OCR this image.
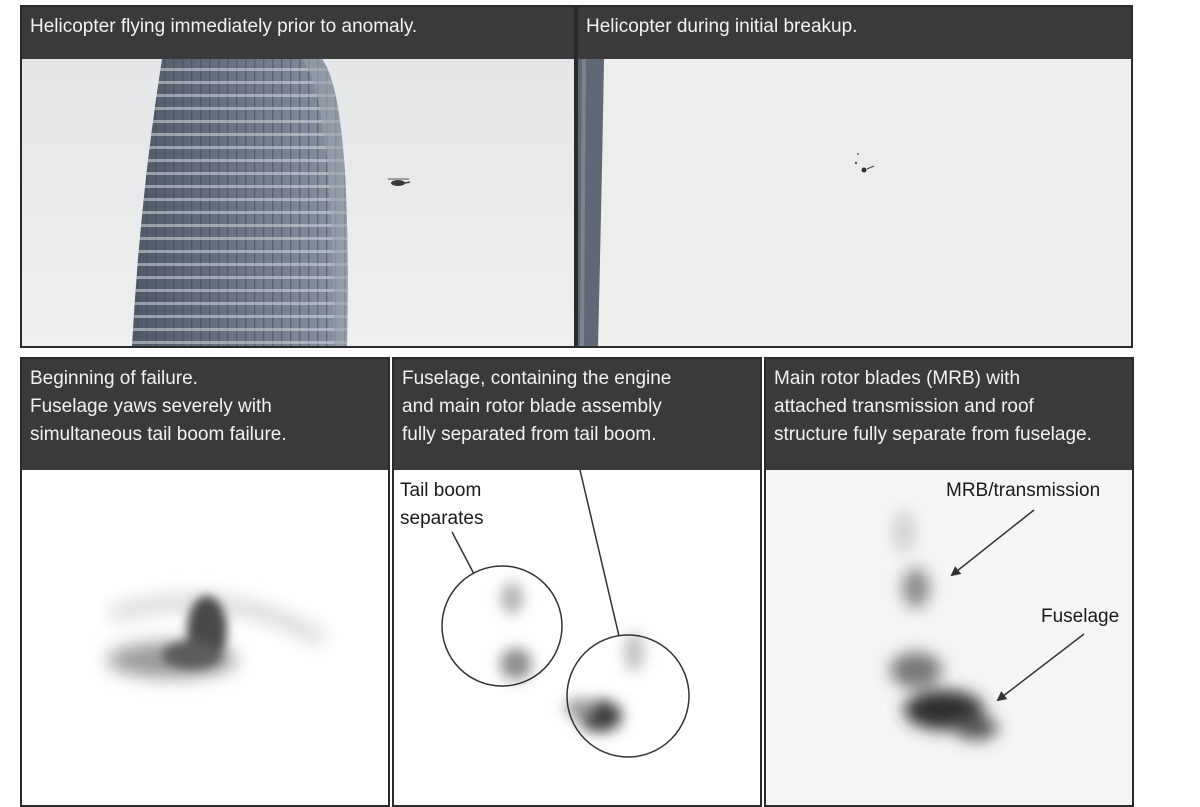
Helicopter flying immediately prior to anomaly.	Helicopter during initial breakup.
Beginning of failure.
Fuselage yaws severely with
simultaneous tail boom failure.
Fuselage, containing the engine
and main rotor blade assembly
fully separated from tail boom.
Tail boom
separates
Main rotor blades (MRB) with
attached transmission and roof
structure fully separate from fuselage.
MRB/transmission
Fuselage
